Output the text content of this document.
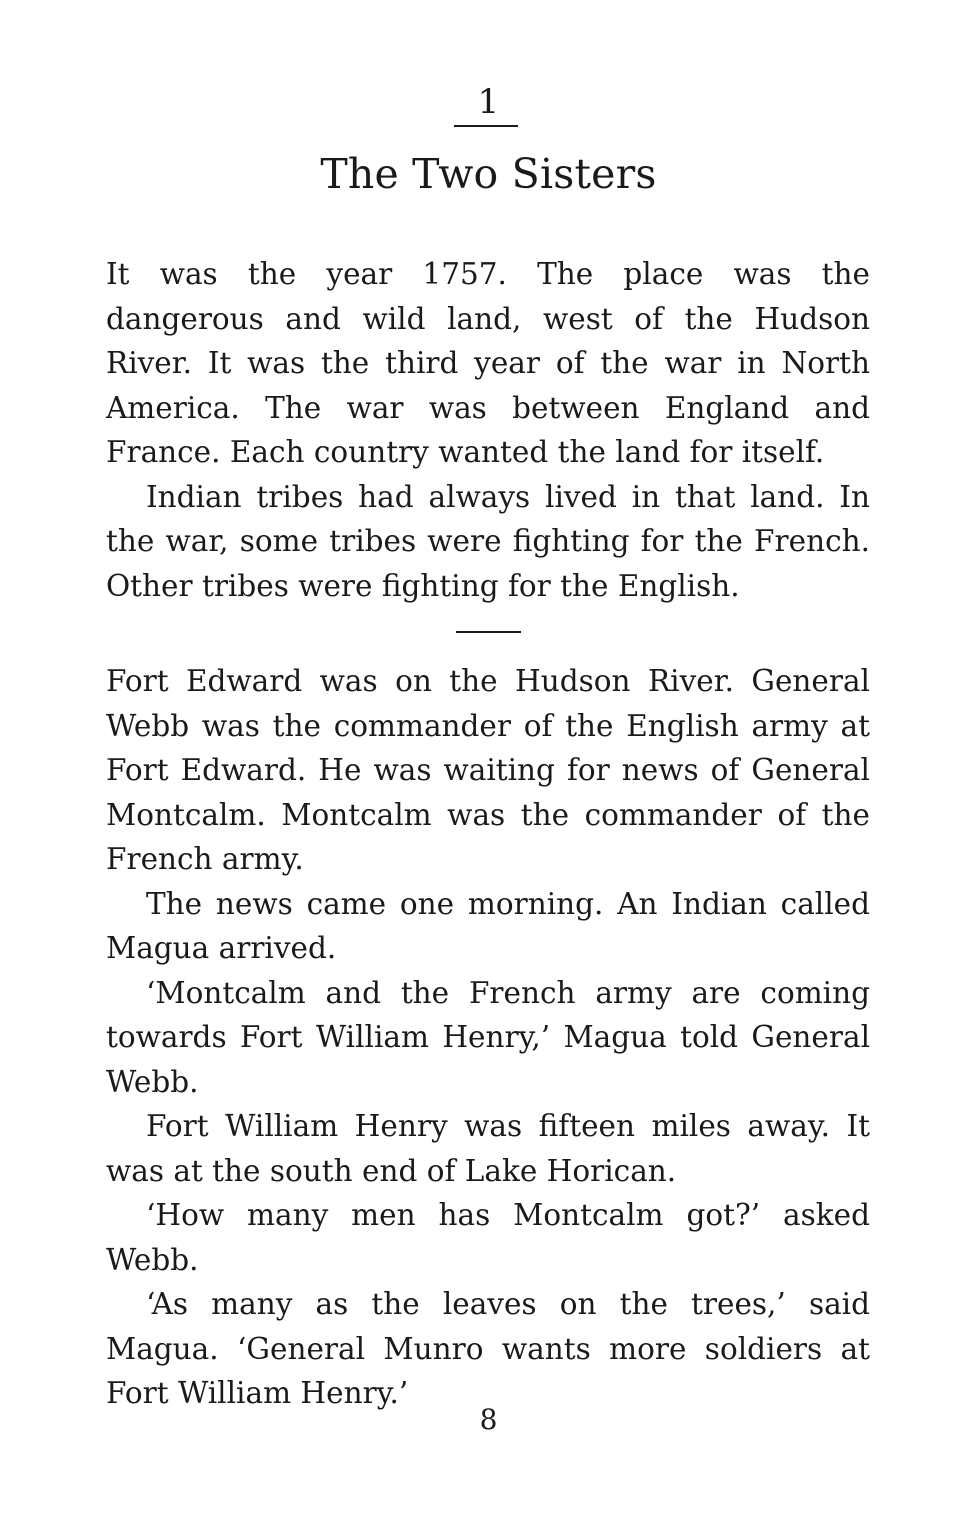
1
The Two Sisters

It was the year 1757. The place was the dangerous and wild land, west of the Hudson River. It was the third year of the war in North America. The war was between England and France. Each country wanted the land for itself.

Indian tribes had always lived in that land. In the war, some tribes were fighting for the French. Other tribes were fighting for the English.

Fort Edward was on the Hudson River. General Webb was the commander of the English army at Fort Edward. He was waiting for news of General Montcalm. Montcalm was the commander of the French army.

The news came one morning. An Indian called Magua arrived.

‘Montcalm and the French army are coming towards Fort William Henry,’ Magua told General Webb.

Fort William Henry was fifteen miles away. It was at the south end of Lake Horican.

‘How many men has Montcalm got?’ asked Webb.

‘As many as the leaves on the trees,’ said Magua. ‘General Munro wants more soldiers at Fort William Henry.’

8
